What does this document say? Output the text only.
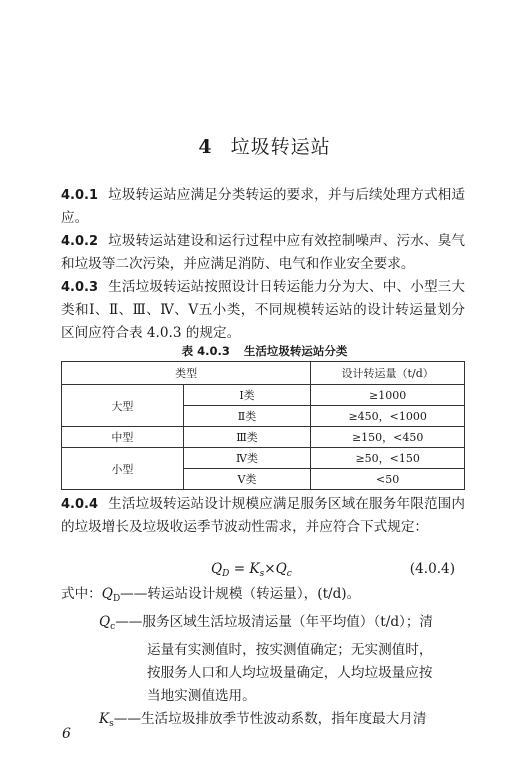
4 垃圾转运站
4.0.1 垃圾转运站应满足分类转运的要求，并与后续处理方式相适应。
4.0.2 垃圾转运站建设和运行过程中应有效控制噪声、污水、臭气和垃圾等二次污染，并应满足消防、电气和作业安全要求。
4.0.3 生活垃圾转运站按照设计日转运能力分为大、中、小型三大类和Ⅰ、Ⅱ、Ⅲ、Ⅳ、Ⅴ五小类，不同规模转运站的设计转运量划分区间应符合表 4.0.3 的规定。
表 4.0.3 生活垃圾转运站分类
类型		设计转运量（t/d）
大型	Ⅰ类	≥1000
	Ⅱ类	≥450，<1000
中型	Ⅲ类	≥150，<450
小型	Ⅳ类	≥50，<150
	Ⅴ类	<50
4.0.4 生活垃圾转运站设计规模应满足服务区域在服务年限范围内的垃圾增长及垃圾收运季节波动性需求，并应符合下式规定：
$Q_D = K_s\times Q_c$	(4.0.4)
式中：$Q_D——$转运站设计规模（转运量），(t/d)。
$Q_c——$服务区域生活垃圾清运量（年平均值）（t/d）；清
运量有实测值时，按实测值确定；无实测值时，
按服务人口和人均垃圾量确定，人均垃圾量应按
当地实测值选用。
$K_s——$生活垃圾排放季节性波动系数，指年度最大月清
6
